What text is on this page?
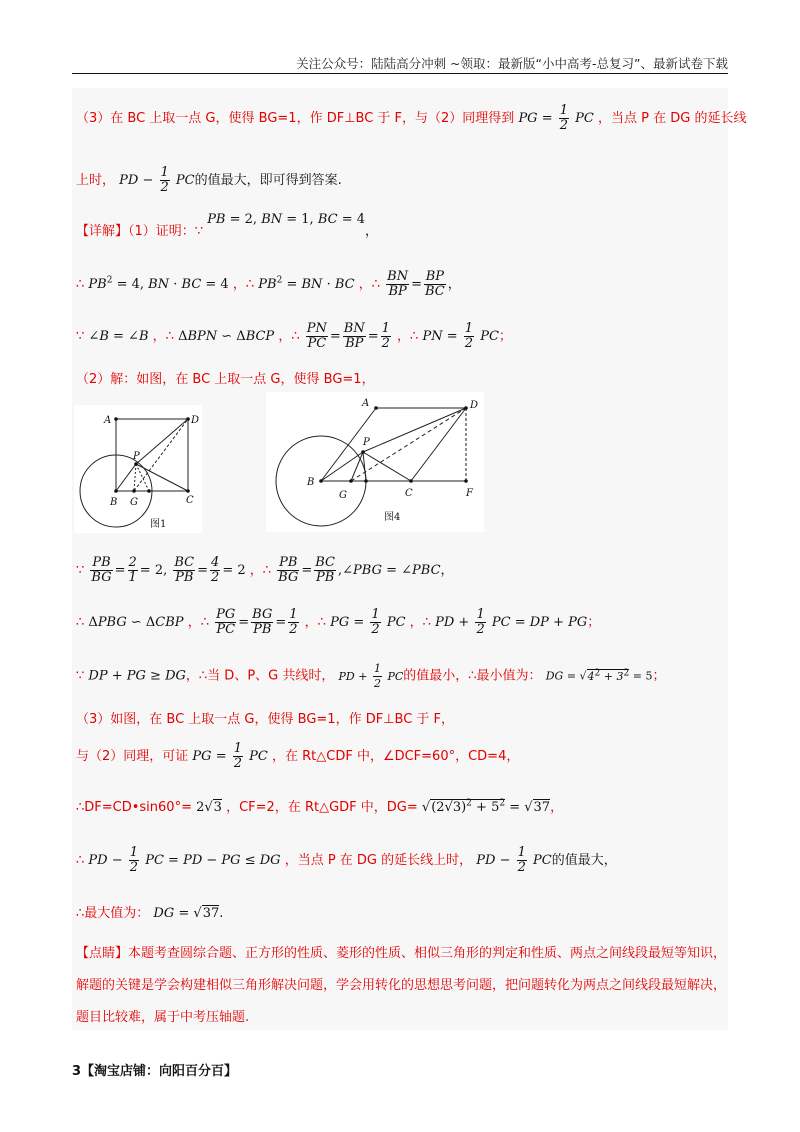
关注公众号：陆陆高分冲刺 ~领取：最新版“小中高考-总复习”、最新试卷下载
（3）在 BC 上取一点 G，使得 BG=1，作 DF⊥BC 于 F，与（2）同理得到 PG = $\frac{1}{2}$ PC ，当点 P 在 DG 的延长线
上时， PD − $\frac{1}{2}$ PC的值最大，即可得到答案.
【详解】（1）证明：∵ PB = 2, BN = 1, BC = 4，
∴ $PB^2 = 4$, BN · BC = 4 ，∴ $PB^2$ = BN · BC ，∴ $\frac{BN}{BP} = \frac{BP}{BC}$ ，
∵ ∠B = ∠B ，∴ ΔBPN ∽ ΔBCP ，∴ $\frac{PN}{PC} = \frac{BN}{BP} = \frac{1}{2}$ ，∴ PN = $\frac{1}{2}$ PC；
（2）解：如图，在 BC 上取一点 G，使得 BG=1，
A	D
P
B G	C
图1
A	D
P
B
G	C	F
图4
∵ $\frac{PB}{BG} = \frac{2}{1} = 2$, $\frac{BC}{PB} = \frac{4}{2} = 2$ ，∴ $\frac{PB}{BG} = \frac{BC}{PB}$ ,∠PBG = ∠PBC，
∴ ΔPBG ∽ ΔCBP ，∴ $\frac{PG}{PC} = \frac{BG}{PB} = \frac{1}{2}$ ，∴ PG = $\frac{1}{2}$ PC ，∴ PD + $\frac{1}{2}$ PC = DP + PG；
∵ DP + PG ≥ DG，∴当 D、P、G 共线时， PD + $\frac{1}{2}$ PC的值最小，∴最小值为： DG = $√4^2 + 3^2 = 5$；
（3）如图，在 BC 上取一点 G，使得 BG=1，作 DF⊥BC 于 F，
与（2）同理，可证 PG = $\frac{1}{2}$ PC ，在 Rt△CDF 中，∠DCF=60°，CD=4，
∴DF=CD•sin60°= 2√3 ，CF=2，在 Rt△GDF 中，$DG= √(2√3)^2 + 5^2 = √37$，
∴ PD − $\frac{1}{2}$ PC = PD − PG ≤ DG ，当点 P 在 DG 的延长线上时， PD − $\frac{1}{2}$ PC的值最大，
∴最大值为： DG = √37.
【点睛】本题考查圆综合题、正方形的性质、菱形的性质、相似三角形的判定和性质、两点之间线段最短等知识，解题的关键是学会构建相似三角形解决问题，学会用转化的思想思考问题，把问题转化为两点之间线段最短解决，题目比较难，属于中考压轴题.
3【淘宝店铺：向阳百分百】
